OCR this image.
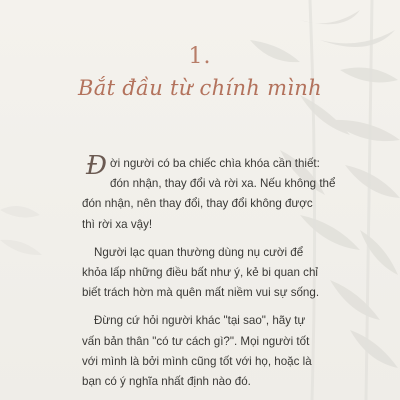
1.
Bắt đầu từ chính mình

Đời người có ba chiếc chìa khóa cần thiết:
đón nhận, thay đổi và rời xa. Nếu không thể
đón nhận, nên thay đổi, thay đổi không được
thì rời xa vậy!

Người lạc quan thường dùng nụ cười để
khỏa lấp những điều bất như ý, kẻ bi quan chỉ
biết trách hờn mà quên mất niềm vui sự sống.

Đừng cứ hỏi người khác "tại sao", hãy tự
vấn bản thân "có tư cách gì?". Mọi người tốt
với mình là bởi mình cũng tốt với họ, hoặc là
bạn có ý nghĩa nhất định nào đó.
